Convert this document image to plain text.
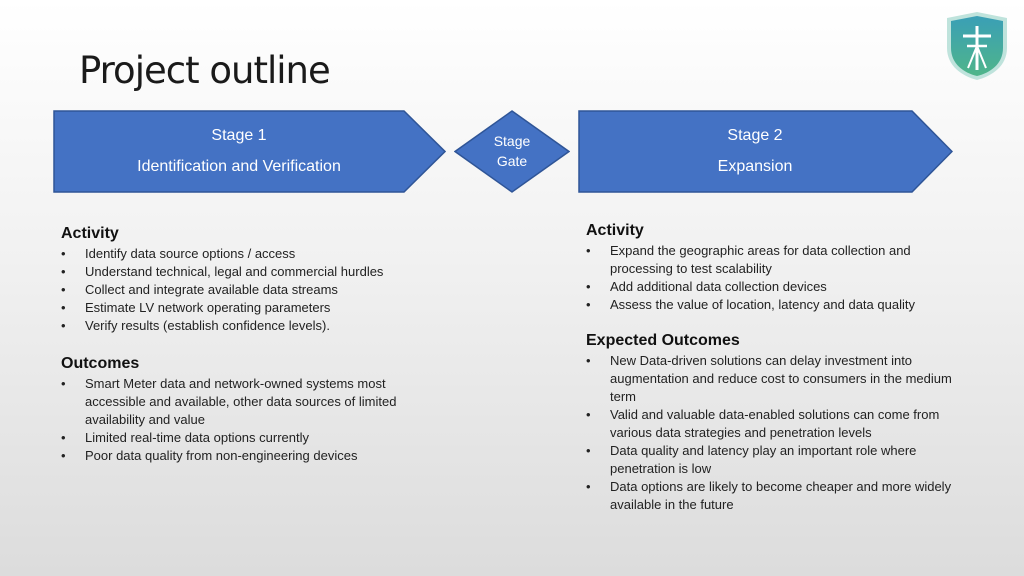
Project outline
Stage 1
Identification and Verification
Stage
Gate
Stage 2
Expansion
Activity
• Identify data source options / access
• Understand technical, legal and commercial hurdles
• Collect and integrate available data streams
• Estimate LV network operating parameters
• Verify results (establish confidence levels).
Outcomes
• Smart Meter data and network-owned systems most accessible and available, other data sources of limited availability and value
• Limited real-time data options currently
• Poor data quality from non-engineering devices
Activity
• Expand the geographic areas for data collection and processing to test scalability
• Add additional data collection devices
• Assess the value of location, latency and data quality
Expected Outcomes
• New Data-driven solutions can delay investment into augmentation and reduce cost to consumers in the medium term
• Valid and valuable data-enabled solutions can come from various data strategies and penetration levels
• Data quality and latency play an important role where penetration is low
• Data options are likely to become cheaper and more widely available in the future
